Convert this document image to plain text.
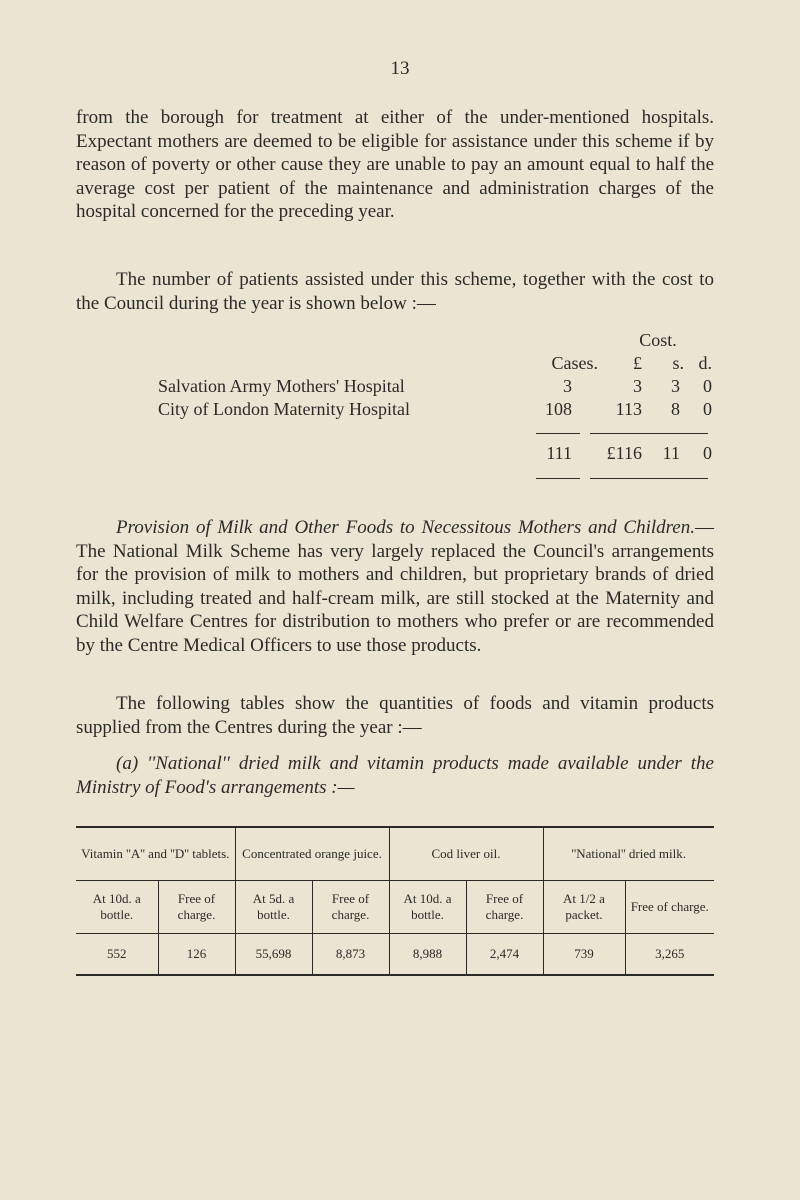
13

from the borough for treatment at either of the under-mentioned hospitals. Expectant mothers are deemed to be eligible for assistance under this scheme if by reason of poverty or other cause they are unable to pay an amount equal to half the average cost per patient of the maintenance and administration charges of the hospital concerned for the preceding year.

The number of patients assisted under this scheme, together with the cost to the Council during the year is shown below :—

Cost.
Cases.	£	s. d.
Salvation Army Mothers' Hospital	3	3	3	0
City of London Maternity Hospital	108	113	8	0
111	£116	11	0

Provision of Milk and Other Foods to Necessitous Mothers and Children.—The National Milk Scheme has very largely replaced the Council's arrangements for the provision of milk to mothers and children, but proprietary brands of dried milk, including treated and half-cream milk, are still stocked at the Maternity and Child Welfare Centres for distribution to mothers who prefer or are recommended by the Centre Medical Officers to use those products.

The following tables show the quantities of foods and vitamin products supplied from the Centres during the year :—

(a) ''National'' dried milk and vitamin products made available under the Ministry of Food's arrangements :—

Vitamin ''A'' and ''D'' tablets.		Concentrated orange juice.		Cod liver oil.		''National'' dried milk.	
At 10d. a bottle.	Free of charge.	At 5d. a bottle.	Free of charge.	At 10d. a bottle.	Free of charge.	At 1/2 a packet.	Free of charge.
552	126	55,698	8,873	8,988	2,474	739	3,265
